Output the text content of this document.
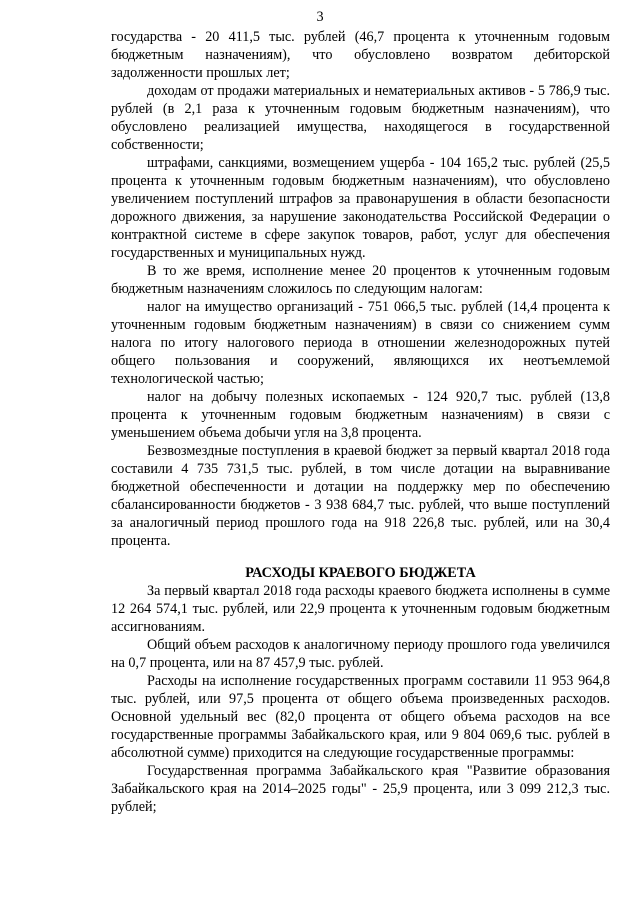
3

государства - 20 411,5 тыс. рублей (46,7 процента к уточненным годовым бюджетным назначениям), что обусловлено возвратом дебиторской задолженности прошлых лет;

доходам от продажи материальных и нематериальных активов - 5 786,9 тыс. рублей (в 2,1 раза к уточненным годовым бюджетным назначениям), что обусловлено реализацией имущества, находящегося в государственной собственности;

штрафами, санкциями, возмещением ущерба - 104 165,2 тыс. рублей (25,5 процента к уточненным годовым бюджетным назначениям), что обусловлено увеличением поступлений штрафов за правонарушения в области безопасности дорожного движения, за нарушение законодательства Российской Федерации о контрактной системе в сфере закупок товаров, работ, услуг для обеспечения государственных и муниципальных нужд.

В то же время, исполнение менее 20 процентов к уточненным годовым бюджетным назначениям сложилось по следующим налогам:

налог на имущество организаций - 751 066,5 тыс. рублей (14,4 процента к уточненным годовым бюджетным назначениям) в связи со снижением сумм налога по итогу налогового периода в отношении железнодорожных путей общего пользования и сооружений, являющихся их неотъемлемой технологической частью;

налог на добычу полезных ископаемых - 124 920,7 тыс. рублей (13,8 процента к уточненным годовым бюджетным назначениям) в связи с уменьшением объема добычи угля на 3,8 процента.

Безвозмездные поступления в краевой бюджет за первый квартал 2018 года составили 4 735 731,5 тыс. рублей, в том числе дотации на выравнивание бюджетной обеспеченности и дотации на поддержку мер по обеспечению сбалансированности бюджетов - 3 938 684,7 тыс. рублей, что выше поступлений за аналогичный период прошлого года на 918 226,8 тыс. рублей, или на 30,4 процента.

РАСХОДЫ КРАЕВОГО БЮДЖЕТА

За первый квартал 2018 года расходы краевого бюджета исполнены в сумме 12 264 574,1 тыс. рублей, или 22,9 процента к уточненным годовым бюджетным ассигнованиям.

Общий объем расходов к аналогичному периоду прошлого года увеличился на 0,7 процента, или на 87 457,9 тыс. рублей.

Расходы на исполнение государственных программ составили 11 953 964,8 тыс. рублей, или 97,5 процента от общего объема произведенных расходов. Основной удельный вес (82,0 процента от общего объема расходов на все государственные программы Забайкальского края, или 9 804 069,6 тыс. рублей в абсолютной сумме) приходится на следующие государственные программы:

Государственная программа Забайкальского края "Развитие образования Забайкальского края на 2014–2025 годы" - 25,9 процента, или 3 099 212,3 тыс. рублей;
